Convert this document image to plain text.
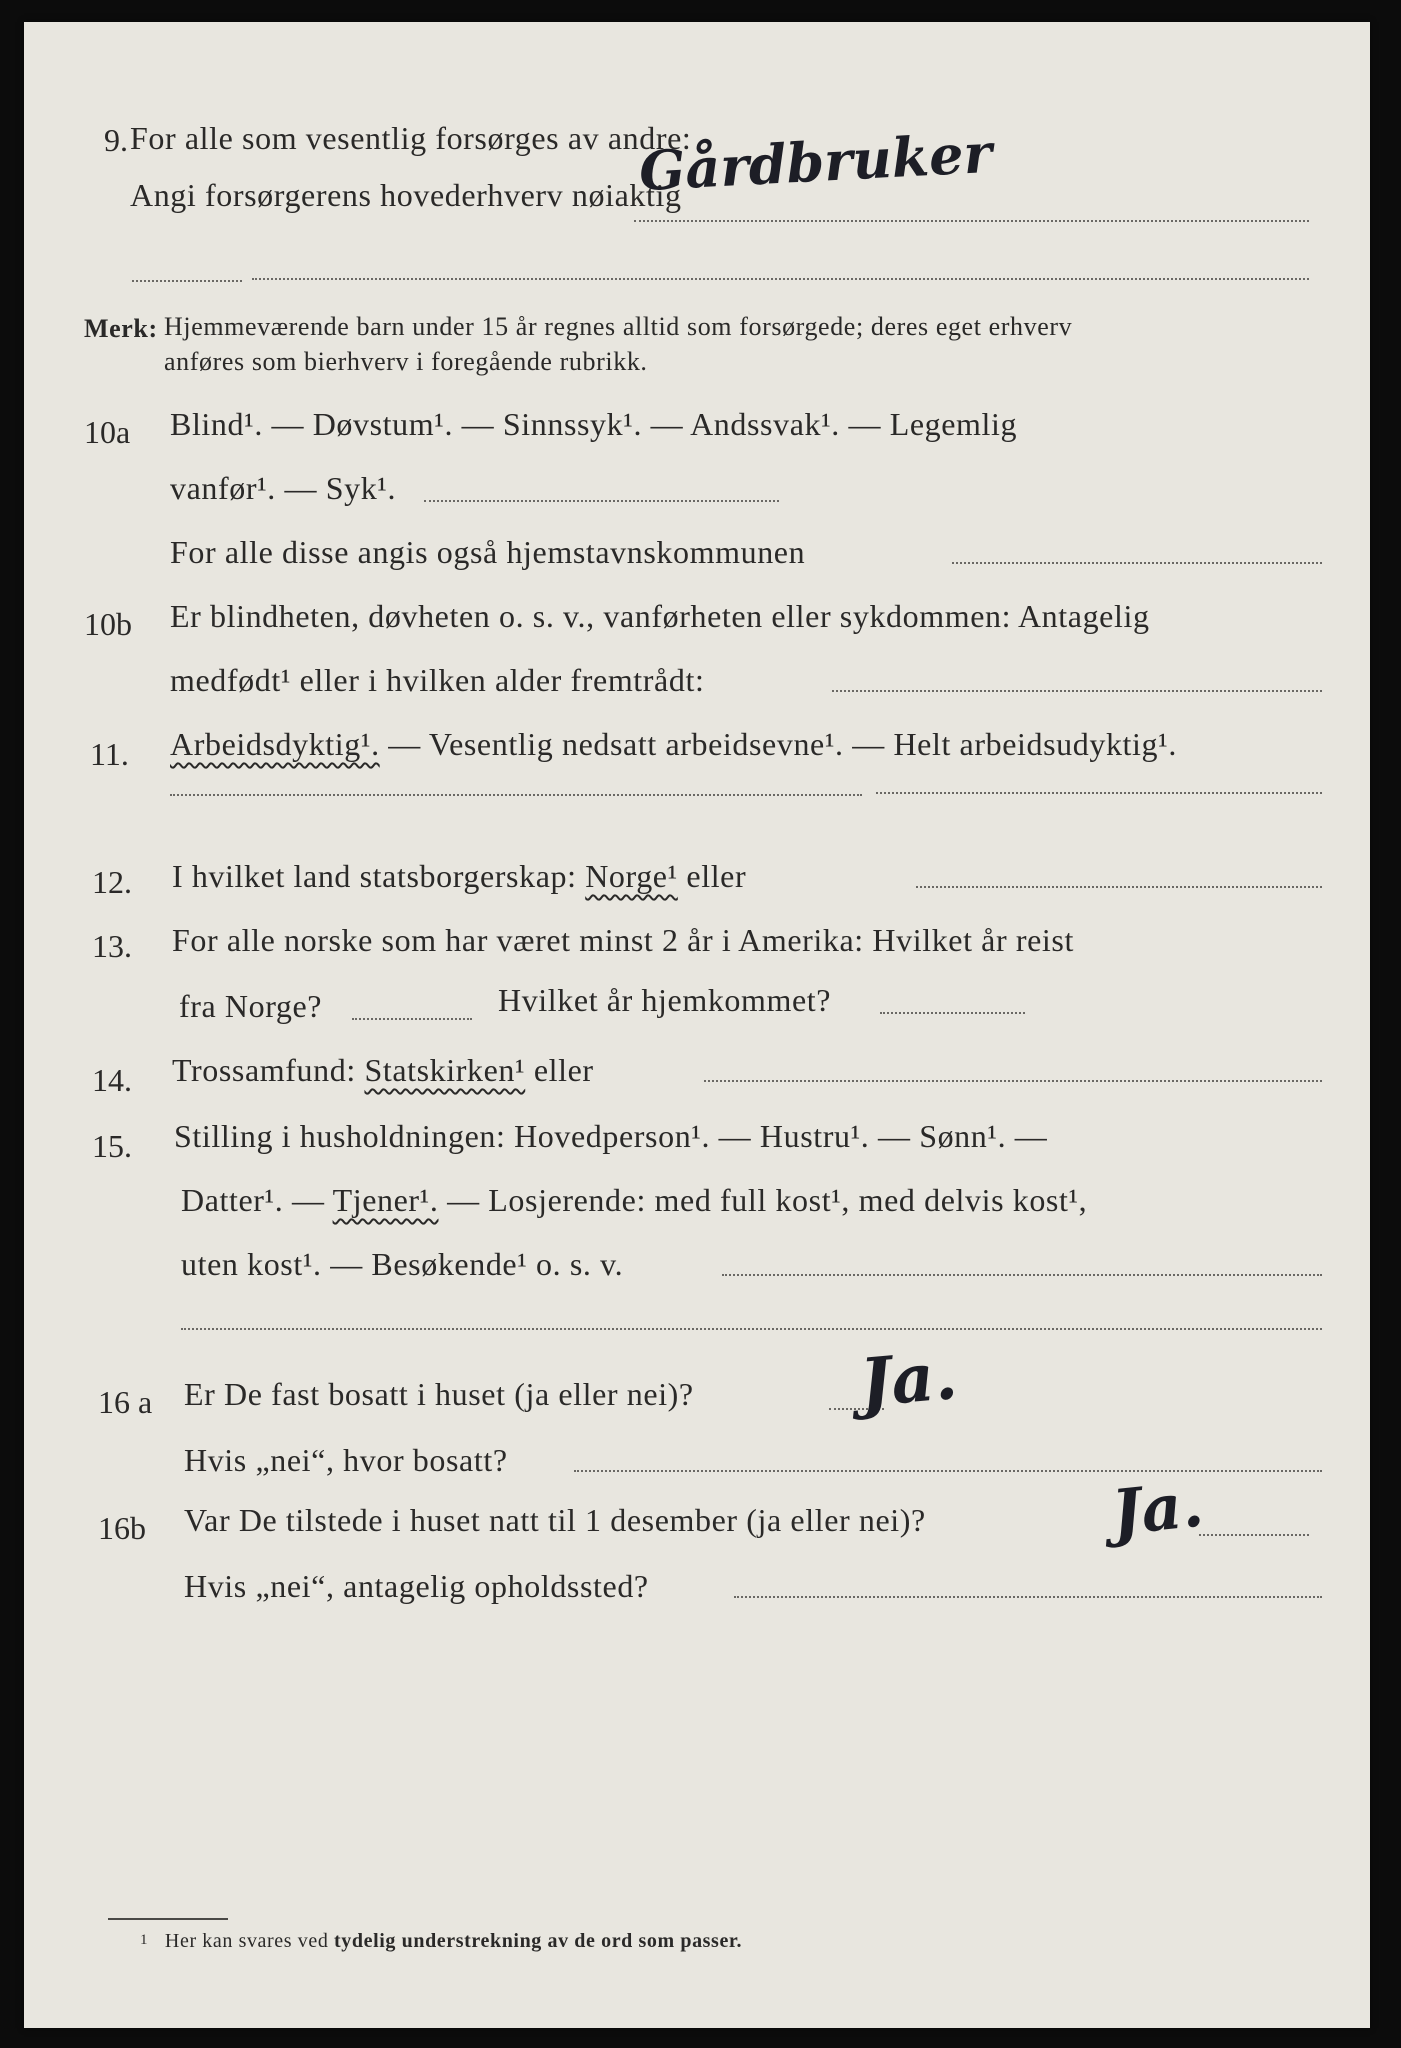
9. For alle som vesentlig forsørges av andre:
Angi forsørgerens hovederhverv nøiaktig
Gårdbruker
Merk: Hjemmeværende barn under 15 år regnes alltid som forsørgede; deres eget erhverv
anføres som bierhverv i foregående rubrikk.
10a Blind¹. — Døvstum¹. — Sinnssyk¹. — Andssvak¹. — Legemlig
vanfør¹. — Syk¹.
For alle disse angis også hjemstavnskommunen
10b Er blindheten, døvheten o. s. v., vanførheten eller sykdommen: Antagelig
medfødt¹ eller i hvilken alder fremtrådt:
11. Arbeidsdyktig¹. — Vesentlig nedsatt arbeidsevne¹. — Helt arbeidsudyktig¹.
12. I hvilket land statsborgerskap: Norge¹ eller
13. For alle norske som har været minst 2 år i Amerika: Hvilket år reist
fra Norge?	Hvilket år hjemkommet?
14. Trossamfund: Statskirken¹ eller
15. Stilling i husholdningen: Hovedperson¹. — Hustru¹. — Sønn¹. —
Datter¹. — Tjener¹. — Losjerende: med full kost¹, med delvis kost¹,
uten kost¹. — Besøkende¹ o. s. v.
16 a Er De fast bosatt i huset (ja eller nei)? Ja.
Hvis „nei“, hvor bosatt?
16b Var De tilstede i huset natt til 1 desember (ja eller nei)?	Ja.
Hvis „nei“, antagelig opholdssted?
1 Her kan svares ved tydelig understrekning av de ord som passer.
